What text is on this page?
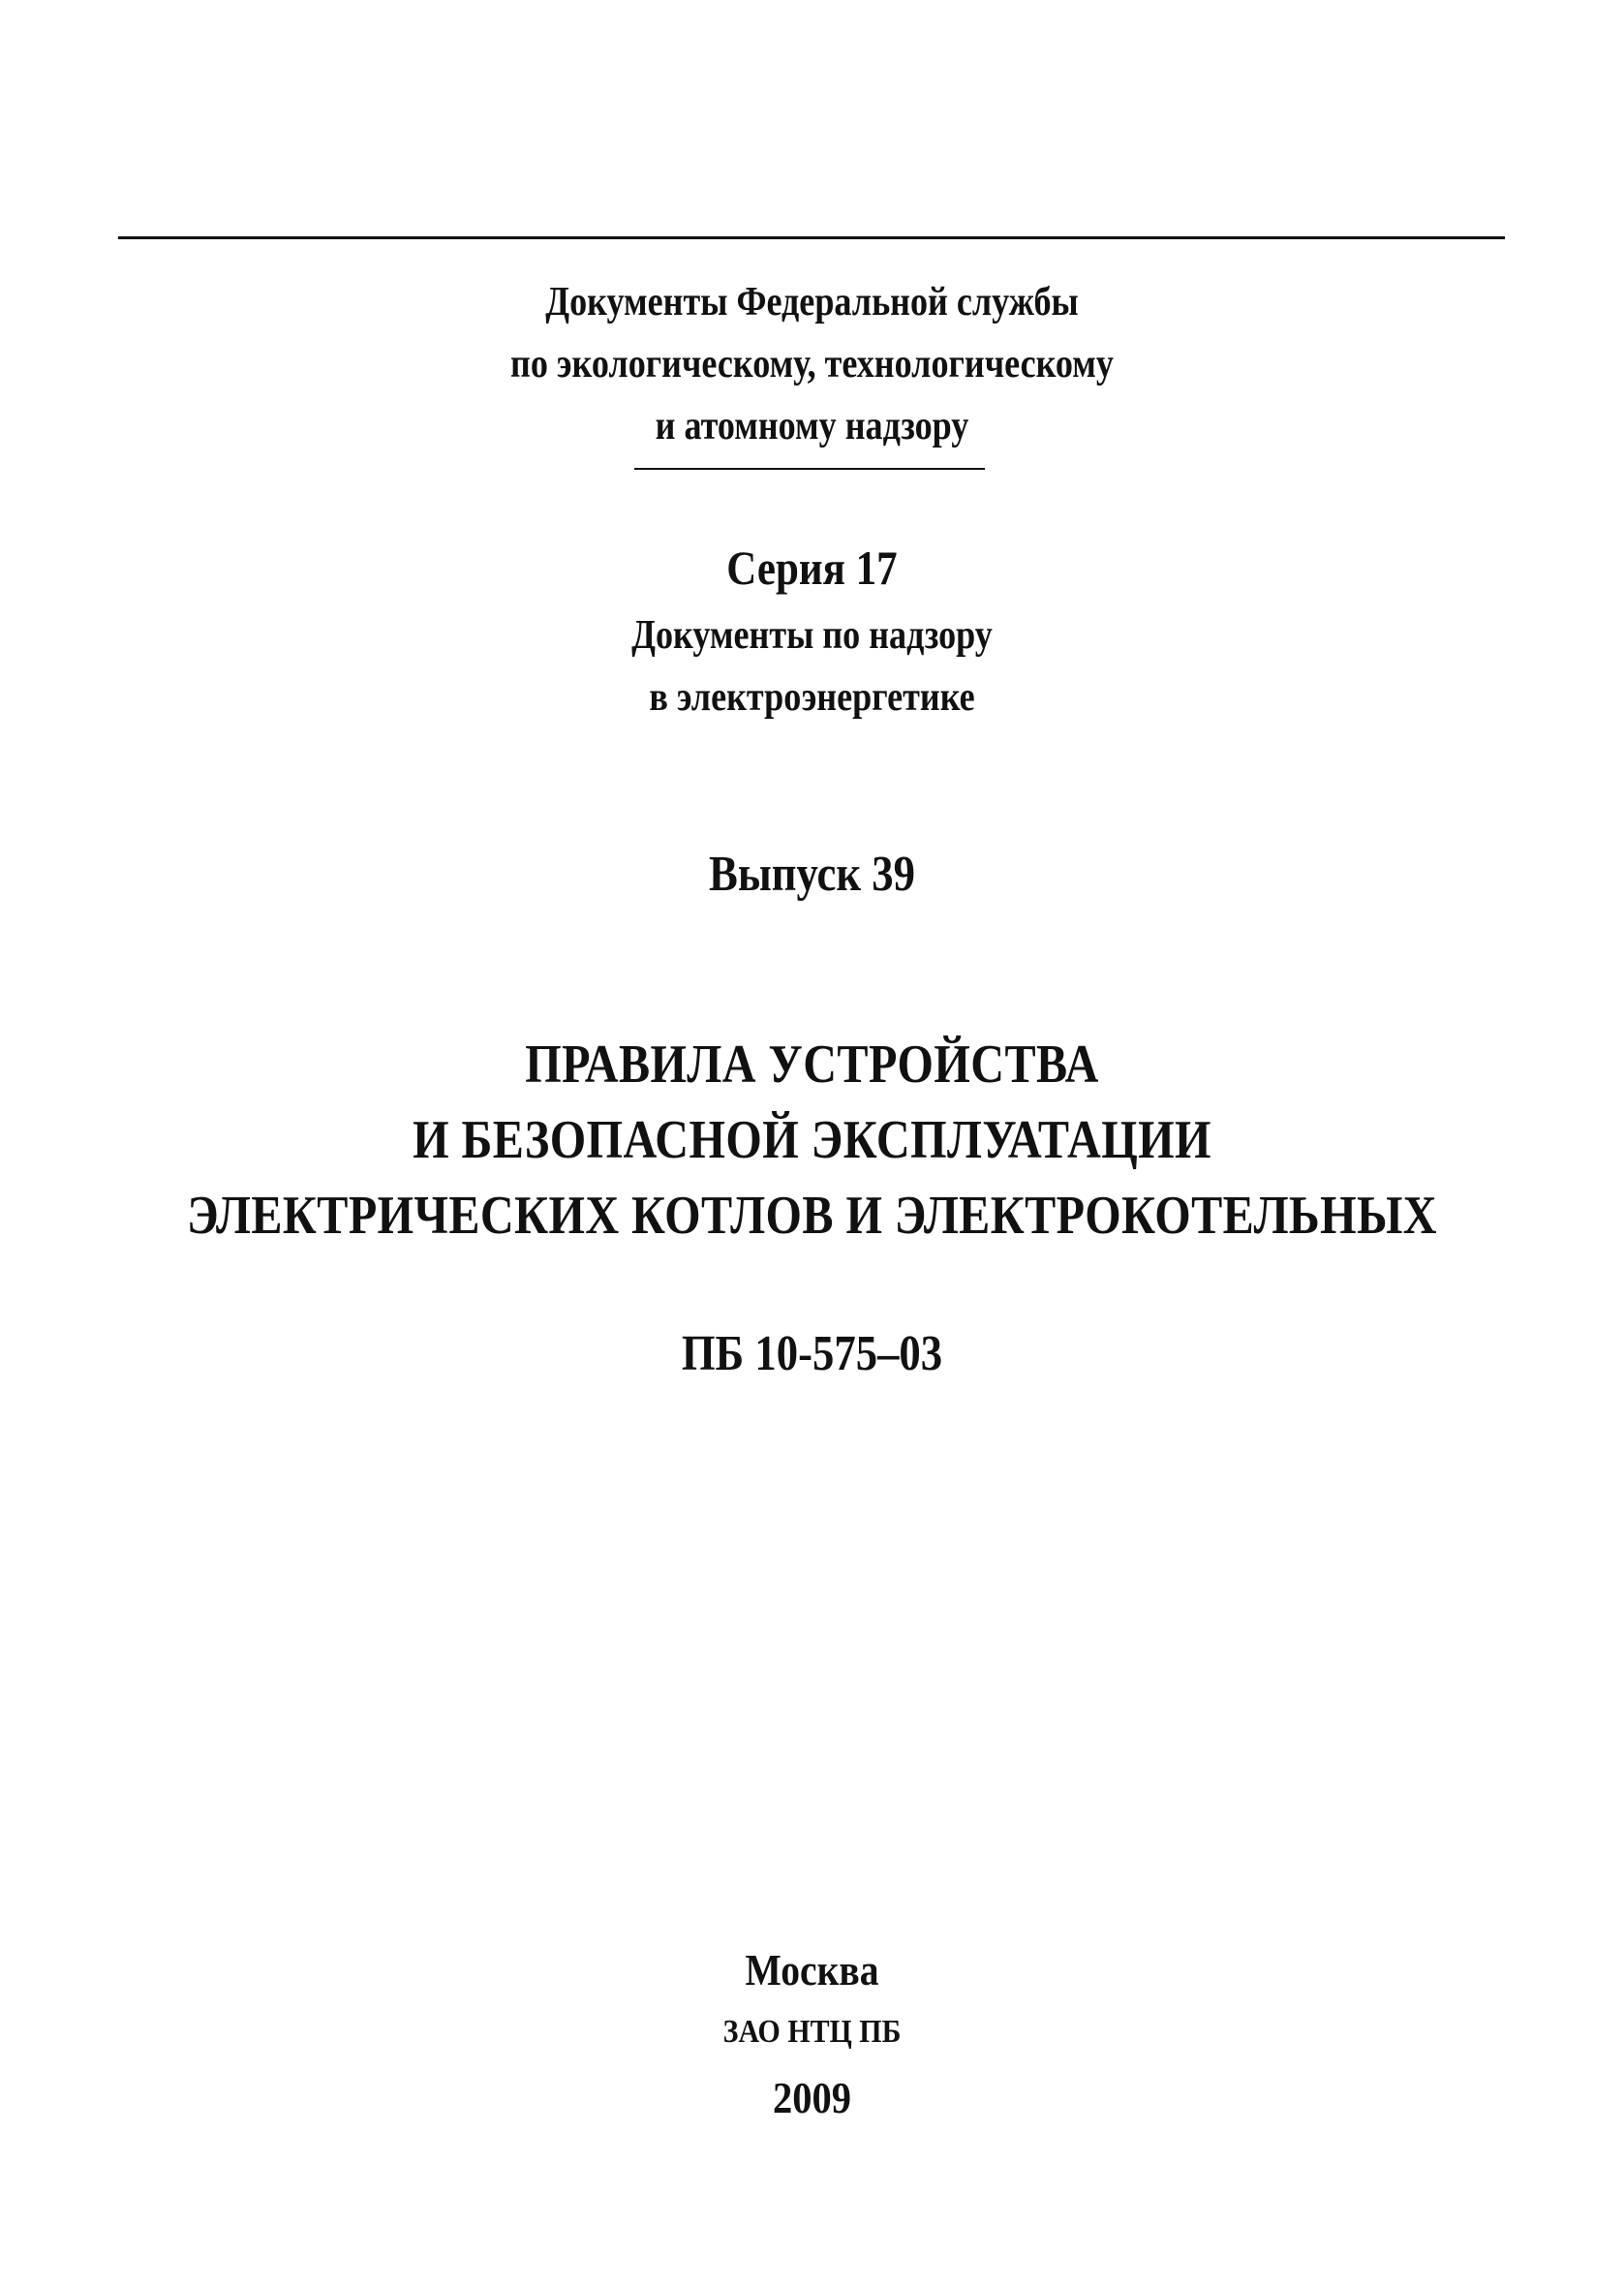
Документы Федеральной службы
по экологическому, технологическому
и атомному надзору
Серия 17
Документы по надзору
в электроэнергетике
Выпуск 39
ПРАВИЛА УСТРОЙСТВА
И БЕЗОПАСНОЙ ЭКСПЛУАТАЦИИ
ЭЛЕКТРИЧЕСКИХ КОТЛОВ И ЭЛЕКТРОКОТЕЛЬНЫХ
ПБ 10-575–03
Москва
ЗАО НТЦ ПБ
2009
